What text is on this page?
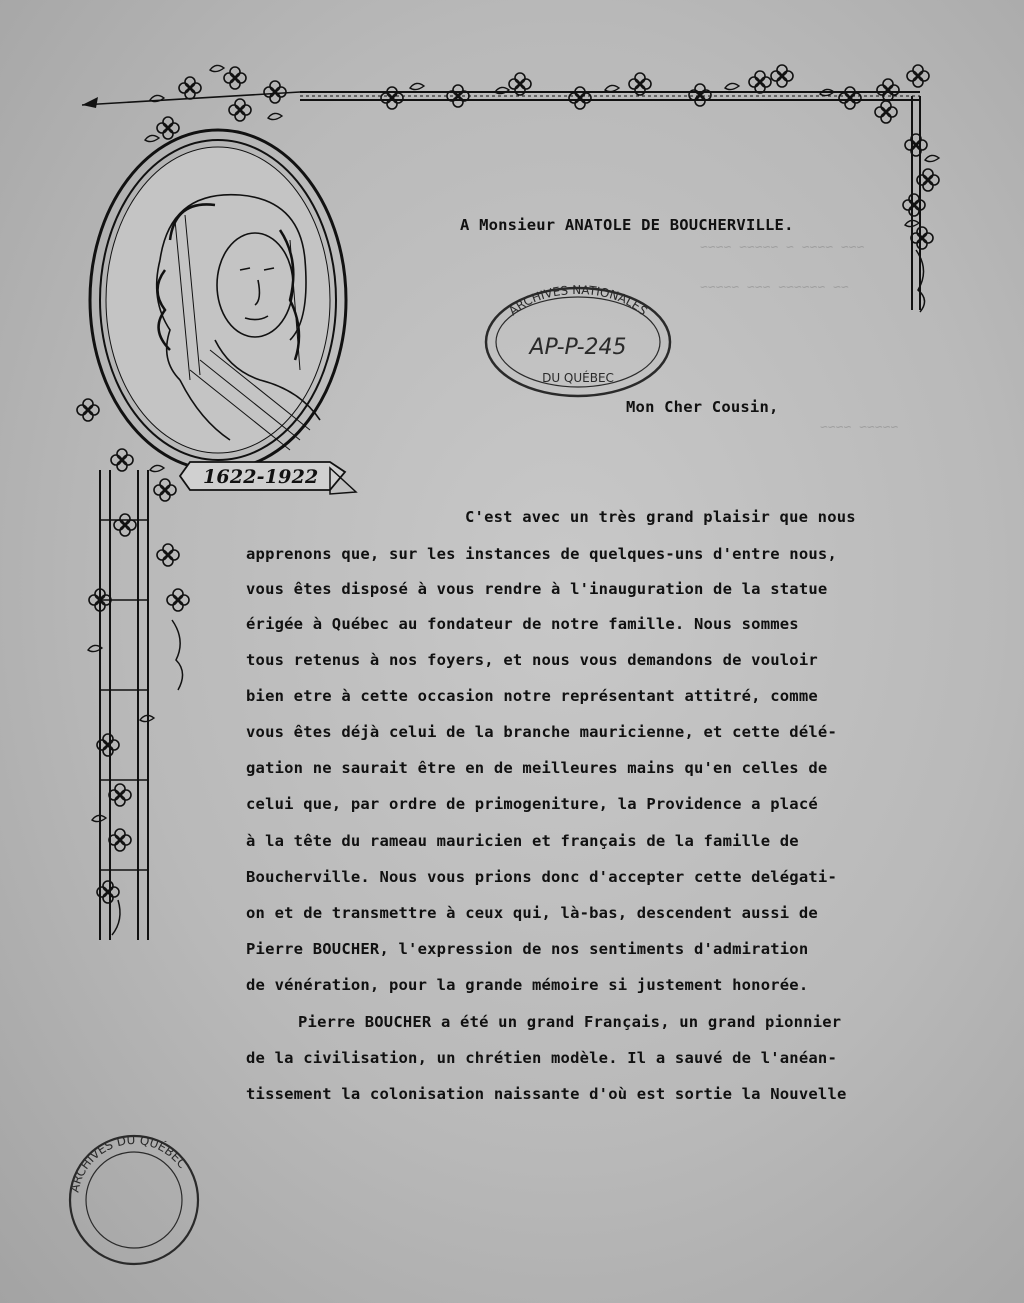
1622-1922
ARCHIVES NATIONALES
AP-P-245
DU QUÉBEC
ARCHIVES DU QUÉBEC
~~~ ~~~~ ~ ~~~~~ ~~~~
~~ ~~~~~~ ~~~ ~~~~~
~~~~~ ~~~~
A Monsieur ANATOLE DE BOUCHERVILLE.
Mon Cher Cousin,
C'est avec un très grand plaisir que nous
apprenons que, sur les instances de quelques-uns d'entre nous,
vous êtes disposé à vous rendre à l'inauguration de la statue
érigée à Québec au fondateur de notre famille. Nous sommes
tous retenus à nos foyers, et nous vous demandons de vouloir
bien etre à cette occasion notre représentant attitré, comme
vous êtes déjà celui de la branche mauricienne, et cette délé-
gation ne saurait être en de meilleures mains qu'en celles de
celui que, par ordre de primogeniture, la Providence a placé
à la tête du rameau mauricien et français de la famille de
Boucherville. Nous vous prions donc d'accepter cette delégati-
on et de transmettre à ceux qui, là-bas, descendent aussi de
Pierre BOUCHER, l'expression de nos sentiments d'admiration
de vénération, pour la grande mémoire si justement honorée.
Pierre BOUCHER a été un grand Français, un grand pionnier
de la civilisation, un chrétien modèle. Il a sauvé de l'anéan-
tissement la colonisation naissante d'où est sortie la Nouvelle
